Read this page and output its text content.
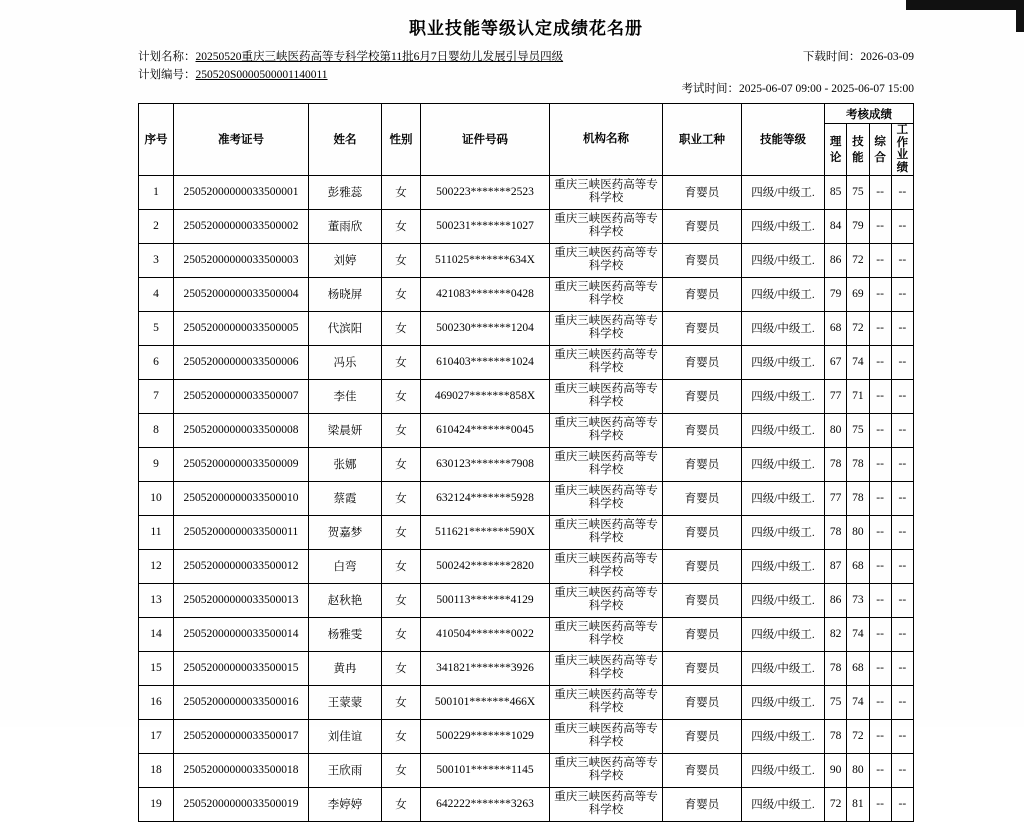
职业技能等级认定成绩花名册
计划名称：20250520重庆三峡医药高等专科学校第11批6月7日婴幼儿发展引导员四级
计划编号：250520S0000500001140011
下载时间：2026-03-09
考试时间：2025-06-07 09:00 - 2025-06-07 15:00
序号	准考证号	姓名	性别	证件号码	机构名称	职业工种	技能等级	考核成绩			
								理论	技能	综合	工作业绩
1	25052000000033500001	彭雅蕊	女	500223*******2523	重庆三峡医药高等专
科学校	育婴员	四级/中级工.	85	75	--	--
2	25052000000033500002	董雨欣	女	500231*******1027	重庆三峡医药高等专
科学校	育婴员	四级/中级工.	84	79	--	--
3	25052000000033500003	刘婷	女	511025*******634X	重庆三峡医药高等专
科学校	育婴员	四级/中级工.	86	72	--	--
4	25052000000033500004	杨晓屏	女	421083*******0428	重庆三峡医药高等专
科学校	育婴员	四级/中级工.	79	69	--	--
5	25052000000033500005	代滨阳	女	500230*******1204	重庆三峡医药高等专
科学校	育婴员	四级/中级工.	68	72	--	--
6	25052000000033500006	冯乐	女	610403*******1024	重庆三峡医药高等专
科学校	育婴员	四级/中级工.	67	74	--	--
7	25052000000033500007	李佳	女	469027*******858X	重庆三峡医药高等专
科学校	育婴员	四级/中级工.	77	71	--	--
8	25052000000033500008	梁晨妍	女	610424*******0045	重庆三峡医药高等专
科学校	育婴员	四级/中级工.	80	75	--	--
9	25052000000033500009	张娜	女	630123*******7908	重庆三峡医药高等专
科学校	育婴员	四级/中级工.	78	78	--	--
10	25052000000033500010	蔡霞	女	632124*******5928	重庆三峡医药高等专
科学校	育婴员	四级/中级工.	77	78	--	--
11	25052000000033500011	贺嘉梦	女	511621*******590X	重庆三峡医药高等专
科学校	育婴员	四级/中级工.	78	80	--	--
12	25052000000033500012	白弯	女	500242*******2820	重庆三峡医药高等专
科学校	育婴员	四级/中级工.	87	68	--	--
13	25052000000033500013	赵秋艳	女	500113*******4129	重庆三峡医药高等专
科学校	育婴员	四级/中级工.	86	73	--	--
14	25052000000033500014	杨雅雯	女	410504*******0022	重庆三峡医药高等专
科学校	育婴员	四级/中级工.	82	74	--	--
15	25052000000033500015	黄冉	女	341821*******3926	重庆三峡医药高等专
科学校	育婴员	四级/中级工.	78	68	--	--
16	25052000000033500016	王蒙蒙	女	500101*******466X	重庆三峡医药高等专
科学校	育婴员	四级/中级工.	75	74	--	--
17	25052000000033500017	刘佳谊	女	500229*******1029	重庆三峡医药高等专
科学校	育婴员	四级/中级工.	78	72	--	--
18	25052000000033500018	王欣雨	女	500101*******1145	重庆三峡医药高等专
科学校	育婴员	四级/中级工.	90	80	--	--
19	25052000000033500019	李婷婷	女	642222*******3263	重庆三峡医药高等专
科学校	育婴员	四级/中级工.	72	81	--	--
